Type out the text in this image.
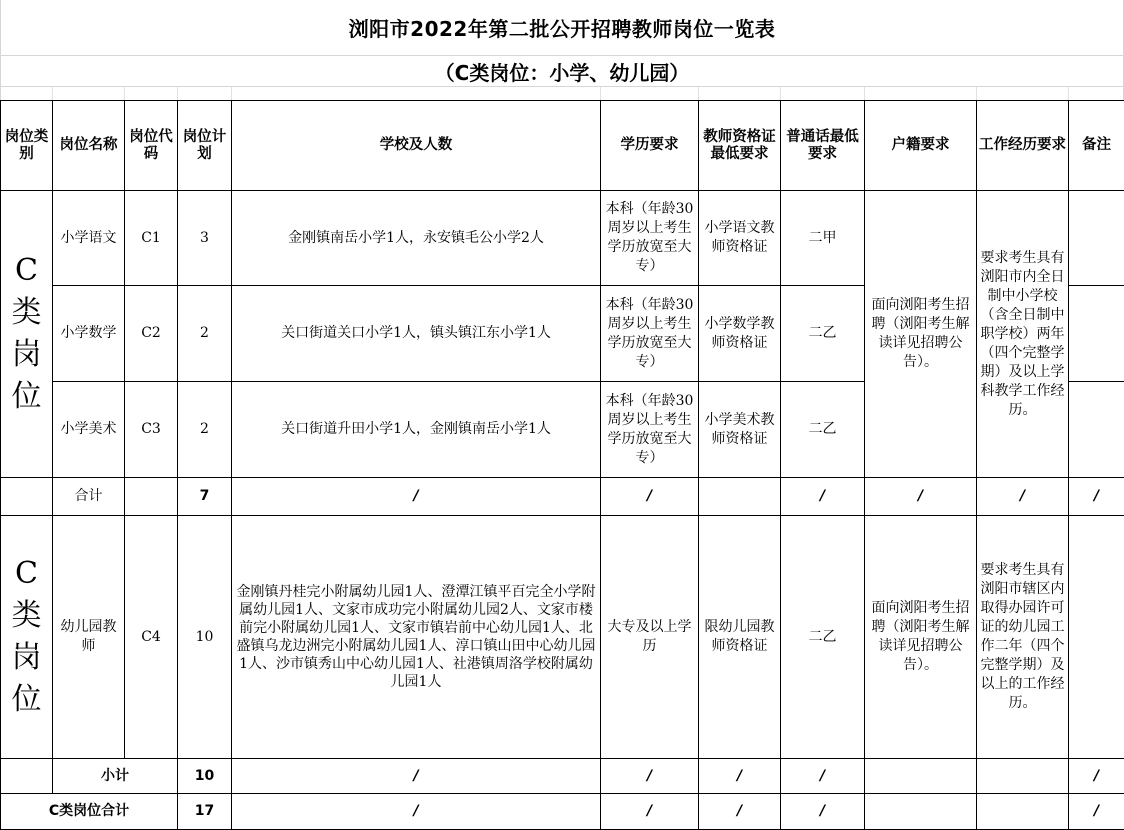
浏阳市2022年第二批公开招聘教师岗位一览表
（C类岗位：小学、幼儿园）
岗位类别	岗位名称	岗位代码	岗位计划	学校及人数	学历要求	教师资格证最低要求	普通话最低要求	户籍要求	工作经历要求	备注
C类岗位	小学语文	C1	3	金刚镇南岳小学1人，永安镇毛公小学2人	本科（年龄30周岁以上考生学历放宽至大专）	小学语文教师资格证	二甲	面向浏阳考生招聘（浏阳考生解读详见招聘公告）。	要求考生具有浏阳市内全日制中小学校（含全日制中职学校）两年（四个完整学期）及以上学科教学工作经历。	
	小学数学	C2	2	关口街道关口小学1人，镇头镇江东小学1人	本科（年龄30周岁以上考生学历放宽至大专）	小学数学教师资格证	二乙			
	小学美术	C3	2	关口街道升田小学1人，金刚镇南岳小学1人	本科（年龄30周岁以上考生学历放宽至大专）	小学美术教师资格证	二乙			
	合计		7	/	/		/	/	/	/
C类岗位	幼儿园教师	C4	10	金刚镇丹桂完小附属幼儿园1人、澄潭江镇平百完全小学附属幼儿园1人、文家市成功完小附属幼儿园2人、文家市楼前完小附属幼儿园1人、文家市镇岩前中心幼儿园1人、北盛镇乌龙边洲完小附属幼儿园1人、淳口镇山田中心幼儿园1人、沙市镇秀山中心幼儿园1人、社港镇周洛学校附属幼儿园1人	大专及以上学历	限幼儿园教师资格证	二乙	面向浏阳考生招聘（浏阳考生解读详见招聘公告）。	要求考生具有浏阳市辖区内取得办园许可证的幼儿园工作二年（四个完整学期）及以上的工作经历。	
	小计		10	/	/	/	/			/
C类岗位合计			17	/	/	/	/			/
